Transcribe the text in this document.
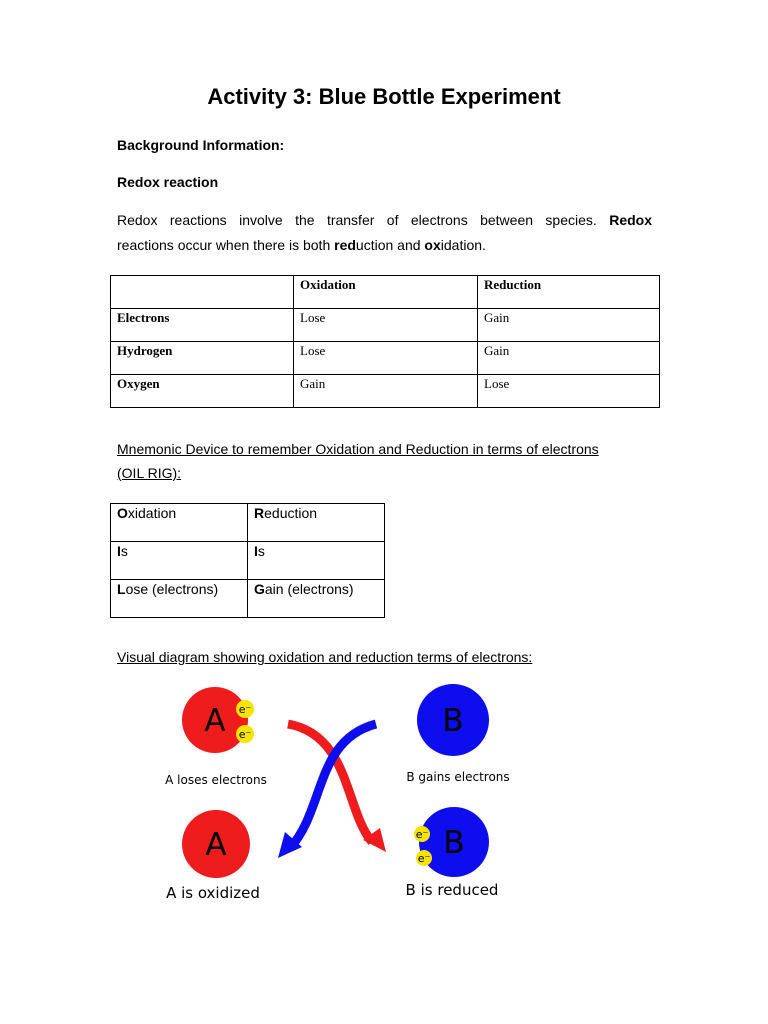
Activity 3: Blue Bottle Experiment
Background Information:
Redox reaction
Redox reactions involve the transfer of electrons between species. Redox
reactions occur when there is both reduction and oxidation.
	Oxidation	Reduction
Electrons	Lose	Gain
Hydrogen	Lose	Gain
Oxygen	Gain	Lose
Mnemonic Device to remember Oxidation and Reduction in terms of electrons
(OIL RIG):
Oxidation	Reduction
Is	Is
Lose (electrons)	Gain (electrons)
Visual diagram showing oxidation and reduction terms of electrons:
A e⁻
e⁻
A loses electrons
B
B gains electrons
A
A is oxidized
B
e⁻
e⁻
B is reduced
